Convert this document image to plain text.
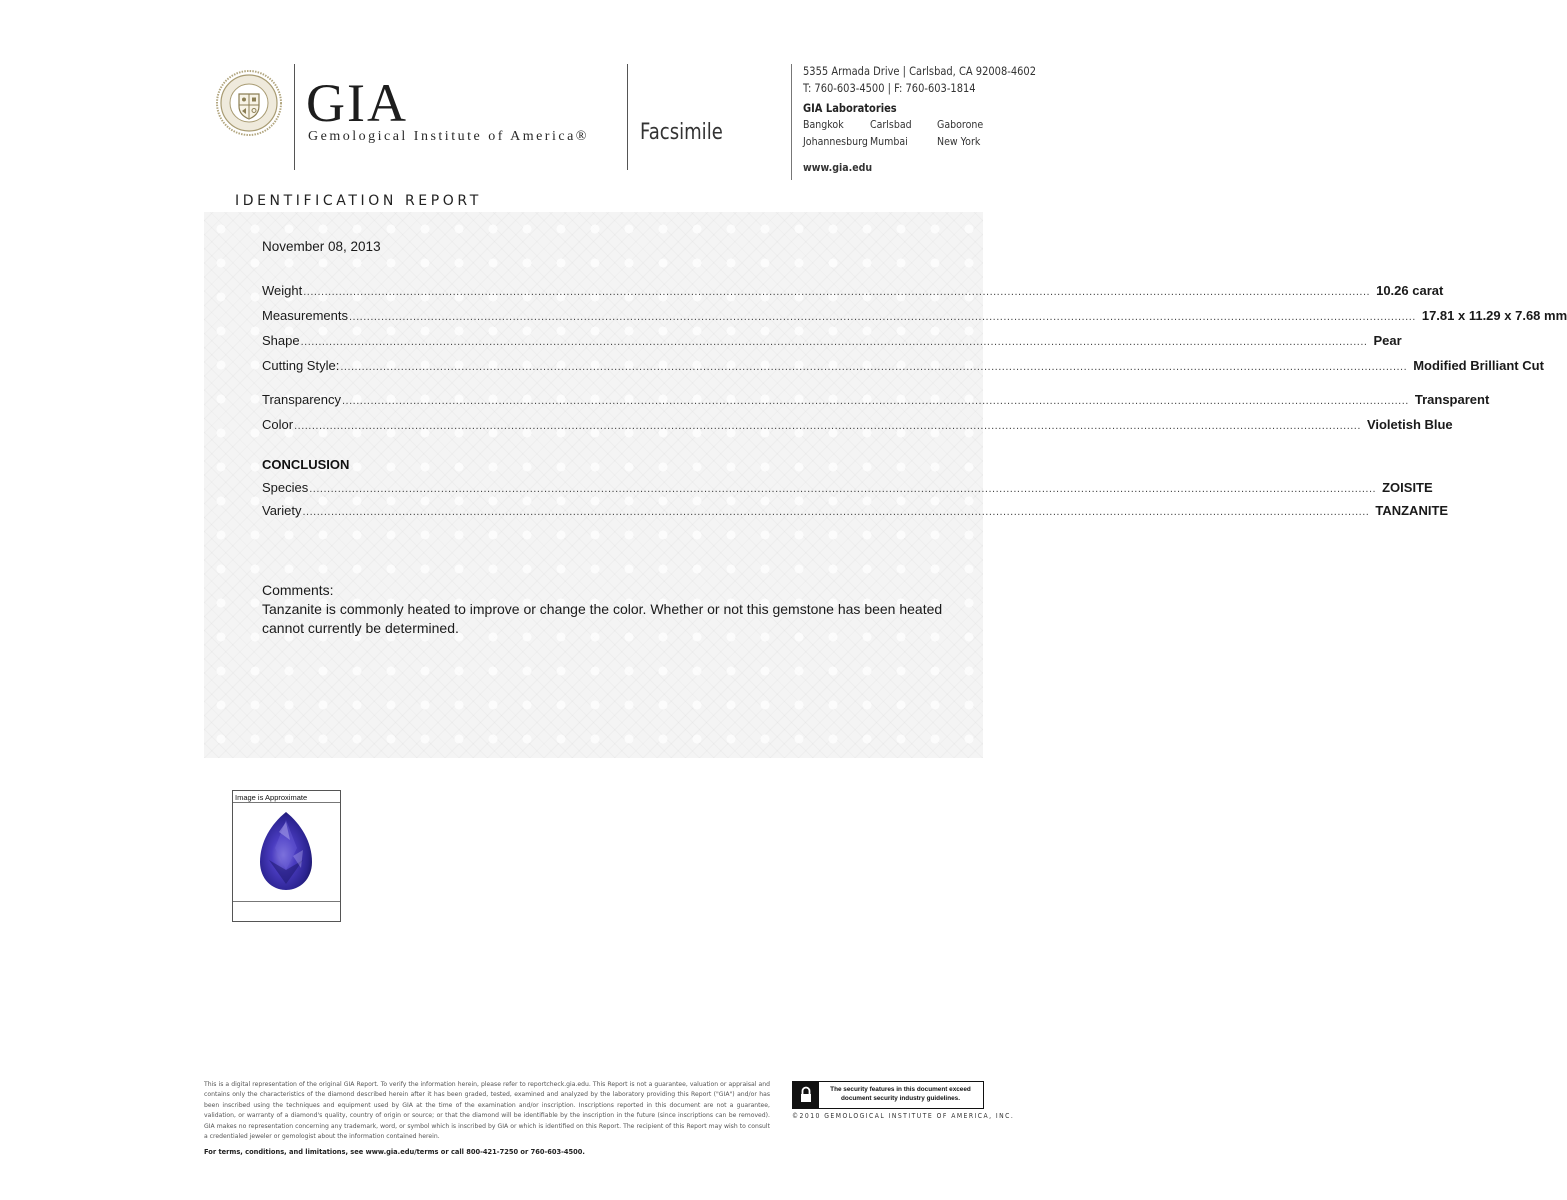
GIA
Gemological Institute of America® Facsimile
5355 Armada Drive | Carlsbad, CA 92008-4602
T: 760-603-4500 | F: 760-603-1814
GIA Laboratories
Bangkok Carlsbad Gaborone
Johannesburg Mumbai	New York
www.gia.edu
IDENTIFICATION REPORT
November 08, 2013
Weight ............................................................................................................................................................................................................................................................................................................ 10.26 carat
Measurements ............................................................................................................................................................................................................................................................................................................ 17.81 x 11.29 x 7.68 mm
Shape ............................................................................................................................................................................................................................................................................................................ Pear
Cutting Style: ............................................................................................................................................................................................................................................................................................................ Modified Brilliant Cut
Transparency ............................................................................................................................................................................................................................................................................................................ Transparent
Color ............................................................................................................................................................................................................................................................................................................ Violetish Blue
CONCLUSION
Species ............................................................................................................................................................................................................................................................................................................ ZOISITE
Variety ............................................................................................................................................................................................................................................................................................................ TANZANITE
Comments:
Tanzanite is commonly heated to improve or change the color. Whether or not this gemstone has been heated cannot currently be determined.
Image is Approximate
This is a digital representation of the original GIA Report. To verify the information herein, please refer to reportcheck.gia.edu. This Report is not a guarantee, valuation or appraisal and contains only the characteristics of the diamond described herein after it has been graded, tested, examined and analyzed by the laboratory providing this Report ("GIA") and/or has been inscribed using the techniques and equipment used by GIA at the time of the examination and/or inscription. Inscriptions reported in this document are not a guarantee, validation, or warranty of a diamond's quality, country of origin or source; or that the diamond will be identifiable by the inscription in the future (since inscriptions can be removed). GIA makes no representation concerning any trademark, word, or symbol which is inscribed by GIA or which is identified on this Report. The recipient of this Report may wish to consult a credentialed jeweler or gemologist about the information contained herein.
For terms, conditions, and limitations, see www.gia.edu/terms or call 800-421-7250 or 760-603-4500.
The security features in this document exceed document security industry guidelines.
©2010 GEMOLOGICAL INSTITUTE OF AMERICA, INC.
